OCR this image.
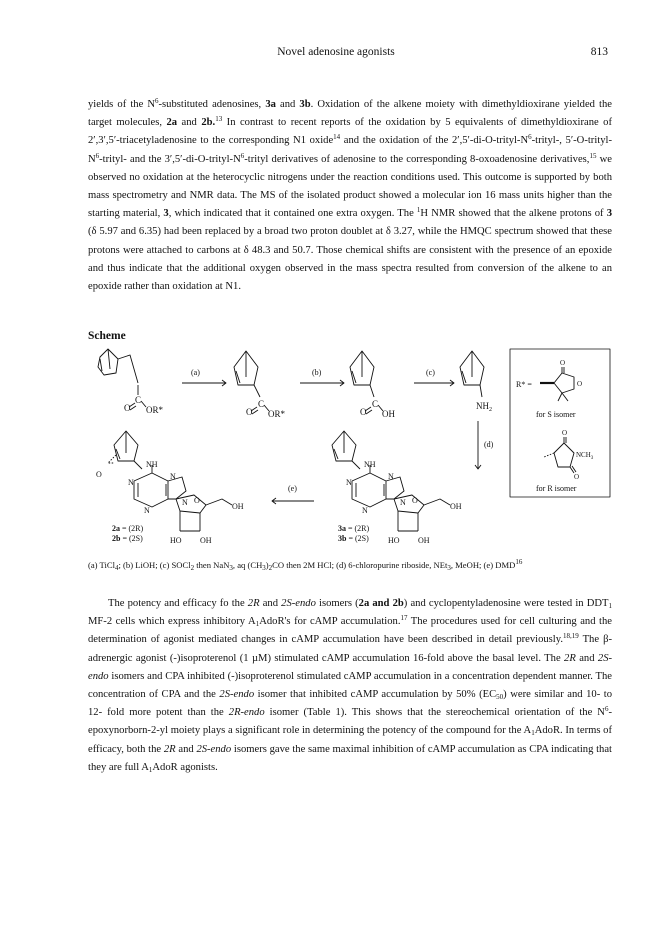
Novel adenosine agonists	813

yields of the $N^6$-substituted adenosines, 3a and 3b. Oxidation of the alkene moiety with dimethyldioxirane yielded the target molecules, 2a and 2b.$^{13}$ In contrast to recent reports of the oxidation by 5 equivalents of dimethyldioxirane of 2′,3′,5′-triacetyladenosine to the corresponding N1 oxide$^{14}$ and the oxidation of the $2',5'-di-O-trityl-N^6-trityl-$, $5'-O-trityl-N^6-trityl-$ and the $3',5'-di-O-trityl-N^6$-trityl derivatives of adenosine to the corresponding 8-oxoadenosine derivatives,$^{15}$ we observed no oxidation at the heterocyclic nitrogens under the reaction conditions used. This outcome is supported by both mass spectrometry and NMR data. The MS of the isolated product showed a molecular ion 16 mass units higher than the starting material, 3, which indicated that it contained one extra oxygen. The $^1$H NMR showed that the alkene protons of 3 (δ 5.97 and 6.35) had been replaced by a broad two proton doublet at δ 3.27, while the HMQC spectrum showed that these protons were attached to carbons at δ 48.3 and 50.7. Those chemical shifts are consistent with the presence of an epoxide and thus indicate that the additional oxygen observed in the mass spectra resulted from conversion of the alkene to an epoxide rather than oxidation at N1.

Scheme
C
O OR*
(a)
C
O OR*
(b)
C
O OH
(c)
$NH_2$
R* =
O
O
for S isomer
O
$NCH_3$
O
for R isomer
(d)
NH
N
N
N
N O
OH
HO OH
3a = (2R)
3b = (2S)
(e)
O
NH
N
N
N
N O
OH
HO OH
2a = (2R)
2b = (2S)
(a) TiCl$_4$; (b) LiOH; (c) SOCl$_2$ then NaN$_3$, aq $(CH_3)_2CO$ then 2M HCl; (d) 6-chloropurine riboside, NEt$_3$, MeOH; (e) DMD$^{16}$

The potency and efficacy fo the 2R and 2S-endo isomers (2a and 2b) and cyclopentyladenosine were tested in $DDT_1$ MF-2 cells which express inhibitory $A_1AdoR's$ for cAMP accumulation.$^{17}$ The procedures used for cell culturing and the determination of agonist mediated changes in cAMP accumulation have been described in detail previously.$^{18,19}$ The β-adrenergic agonist (-)isoproterenol (1 µM) stimulated cAMP accumulation 16-fold above the basal level. The 2R and 2S-endo isomers and CPA inhibited (-)isoproterenol stimulated cAMP accumulation in a concentration dependent manner. The concentration of CPA and the 2S-endo isomer that inhibited cAMP accumulation by 50% $(EC_{50})$ were similar and 10- to 12- fold more potent than the 2R-endo isomer (Table 1). This shows that the stereochemical orientation of the $N^6-epoxynorborn-2-yl$ moiety plays a significant role in determining the potency of the compound for the $A_1AdoR$. In terms of efficacy, both the 2R and 2S-endo isomers gave the same maximal inhibition of cAMP accumulation as CPA indicating that they are full $A_1AdoR$ agonists.
